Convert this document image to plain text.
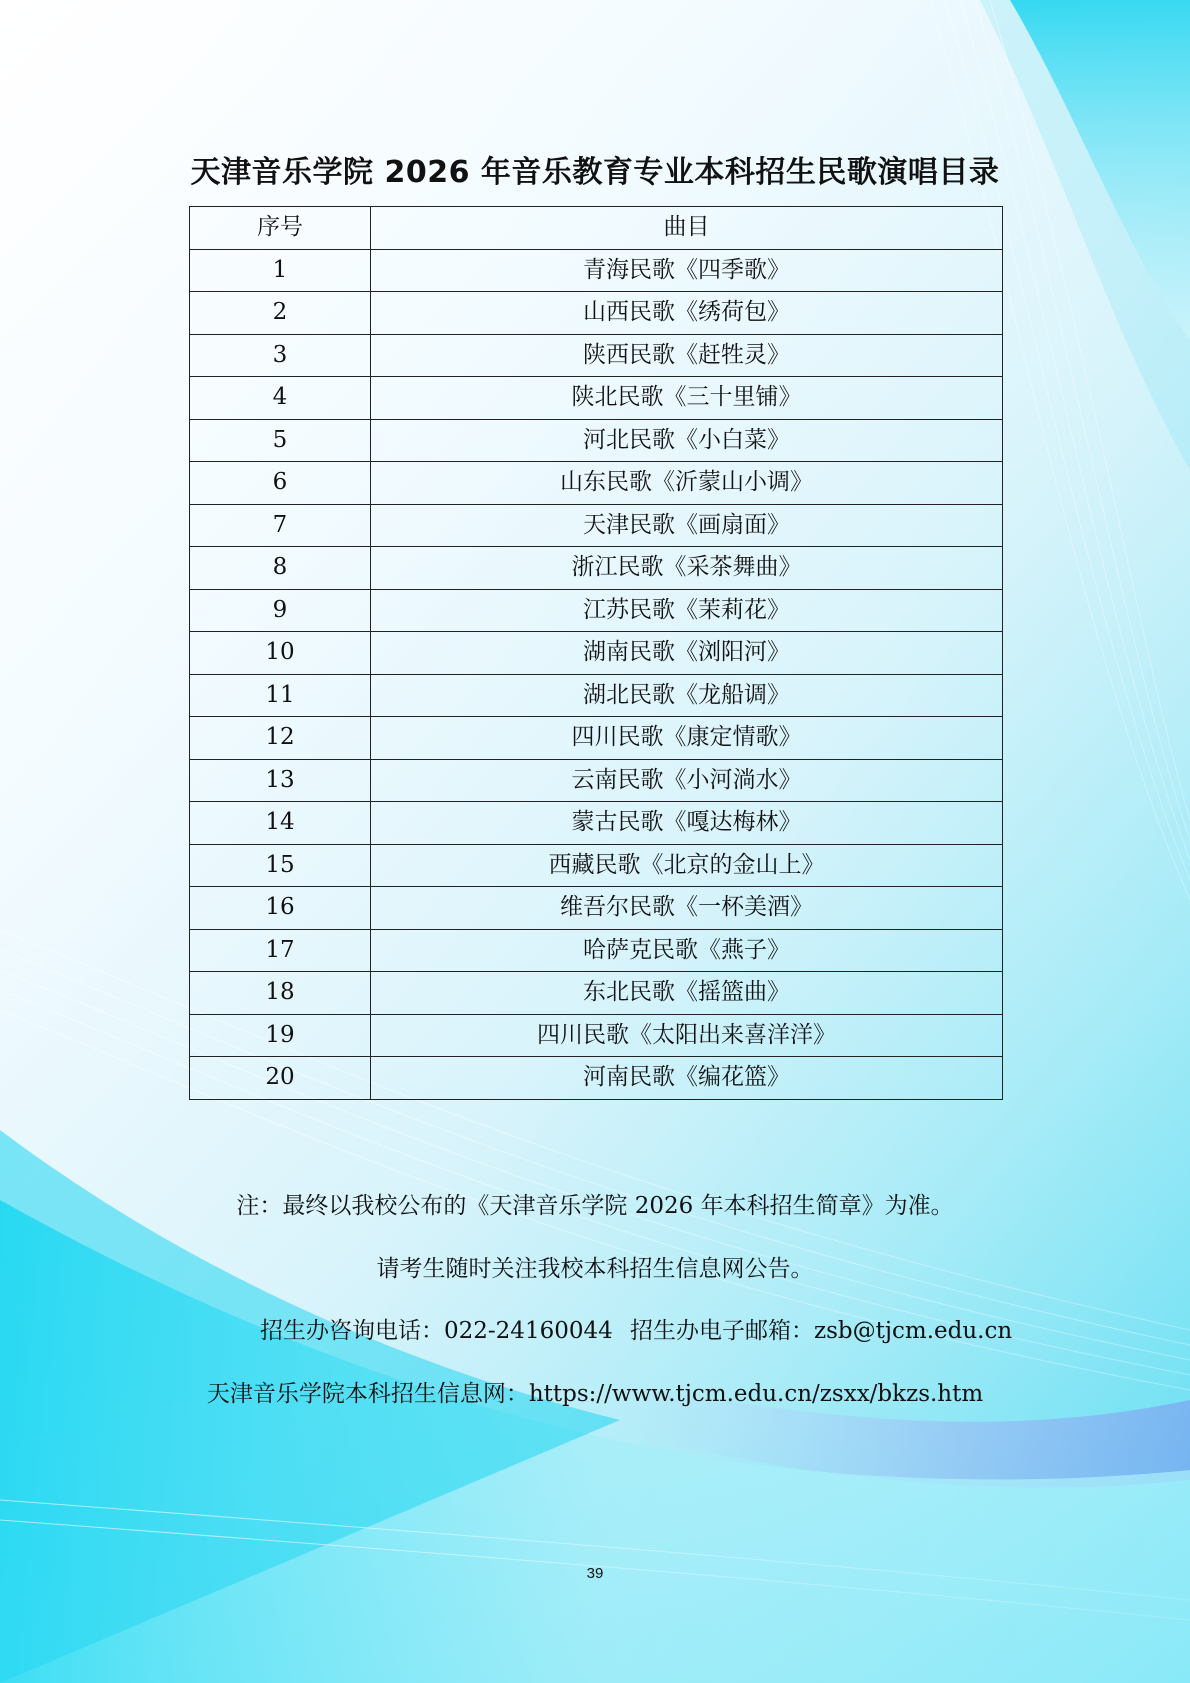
天津音乐学院 2026 年音乐教育专业本科招生民歌演唱目录
序号	曲目
1	青海民歌《四季歌》
2	山西民歌《绣荷包》
3	陕西民歌《赶牲灵》
4	陕北民歌《三十里铺》
5	河北民歌《小白菜》
6	山东民歌《沂蒙山小调》
7	天津民歌《画扇面》
8	浙江民歌《采茶舞曲》
9	江苏民歌《茉莉花》
10	湖南民歌《浏阳河》
11	湖北民歌《龙船调》
12	四川民歌《康定情歌》
13	云南民歌《小河淌水》
14	蒙古民歌《嘎达梅林》
15	西藏民歌《北京的金山上》
16	维吾尔民歌《一杯美酒》
17	哈萨克民歌《燕子》
18	东北民歌《摇篮曲》
19	四川民歌《太阳出来喜洋洋》
20	河南民歌《编花篮》
注：最终以我校公布的《天津音乐学院 2026 年本科招生简章》为准。
请考生随时关注我校本科招生信息网公告。
招生办咨询电话：022-24160044 招生办电子邮箱：zsb@tjcm.edu.cn
天津音乐学院本科招生信息网：https://www.tjcm.edu.cn/zsxx/bkzs.htm
39
